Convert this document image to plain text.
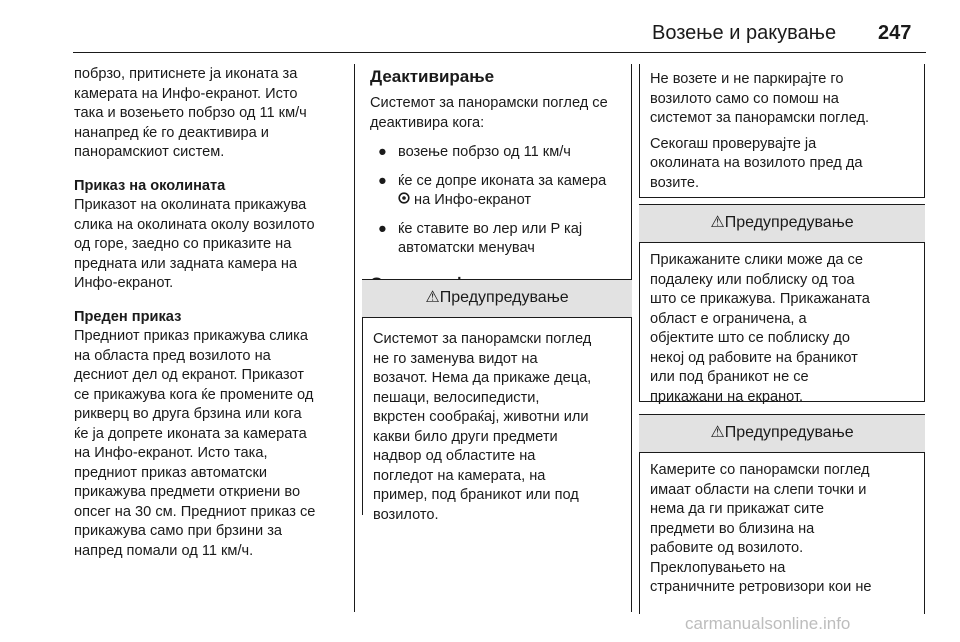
Возење и ракување 247

побрзо, притиснете ја иконата за

камерата на Инфо-екранот. Исто

така и возењето побрзо од 11 км/ч

нанапред ќе го деактивира и

панорамскиот систем.

Приказ на околината

Приказот на околината прикажува

слика на околината околу возилото

од горе, заедно со приказите на

предната или задната камера на

Инфо-екранот.

Преден приказ

Предниот приказ прикажува слика

на областа пред возилото на

десниот дел од екранот. Приказот

се прикажува кога ќе промените од

рикверц во друга брзина или кога

ќе ја допрете иконата за камерата

на Инфо-екранот. Исто така,

предниот приказ автоматски

прикажува предмети откриени во

опсег на 30 см. Предниот приказ се

прикажува само при брзини за

напред помали од 11 км/ч.

Деактивирање

Системот за панорамски поглед се

деактивира кога:

● возење побрзо од 11 км/ч
● ќе се допре иконата за камера
на Инфо-екранот
● ќе ставите во лер или P кај
автоматски менувач

⚠Предупредување

Системот за панорамски поглед

не го заменува видот на

возачот. Нема да прикаже деца,

пешаци, велосипедисти,

вкрстен сообраќај, животни или

какви било други предмети

надвор од областите на

погледот на камерата, на

пример, под браникот или под

возилото.

Не возете и не паркирајте го

возилото само со помош на

системот за панорамски поглед.

Секогаш проверувајте ја

околината на возилото пред да

возите.

⚠Предупредување

Прикажаните слики може да се

подалеку или поблиску од тоа

што се прикажува. Прикажаната

област е ограничена, а

објектите што се поблиску до

некој од рабовите на браникот

или под браникот не се

прикажани на екранот.

⚠Предупредување

Камерите со панорамски поглед

имаат области на слепи точки и

нема да ги прикажат сите

предмети во близина на

рабовите од возилото.

Преклопувањето на

страничните ретровизори кои не

carmanualsonline.info
